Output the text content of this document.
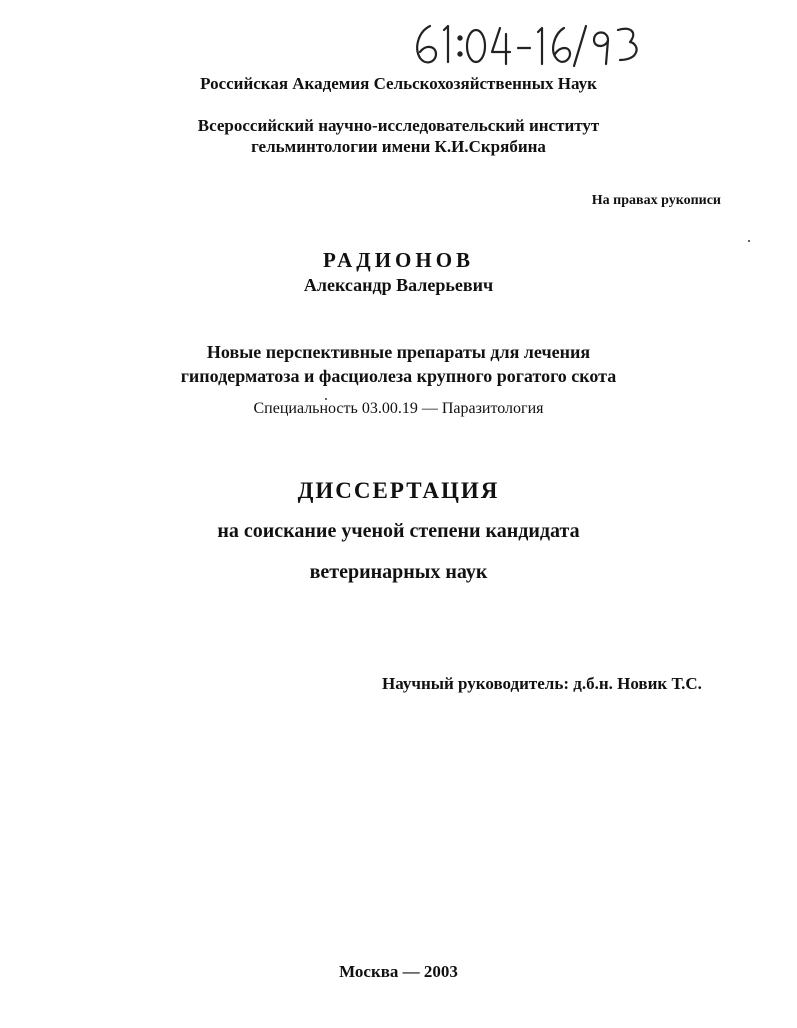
Российская Академия Сельскохозяйственных Наук
Всероссийский научно-исследовательский институт
гельминтологии имени К.И.Скрябина
На правах рукописи
РАДИОНОВ
Александр Валерьевич
Новые перспективные препараты для лечения
гиподерматоза и фасциолеза крупного рогатого скота
Специальность 03.00.19 — Паразитология
ДИССЕРТАЦИЯ
на соискание ученой степени кандидата
ветеринарных наук
Научный руководитель: д.б.н. Новик Т.С.
Москва — 2003
